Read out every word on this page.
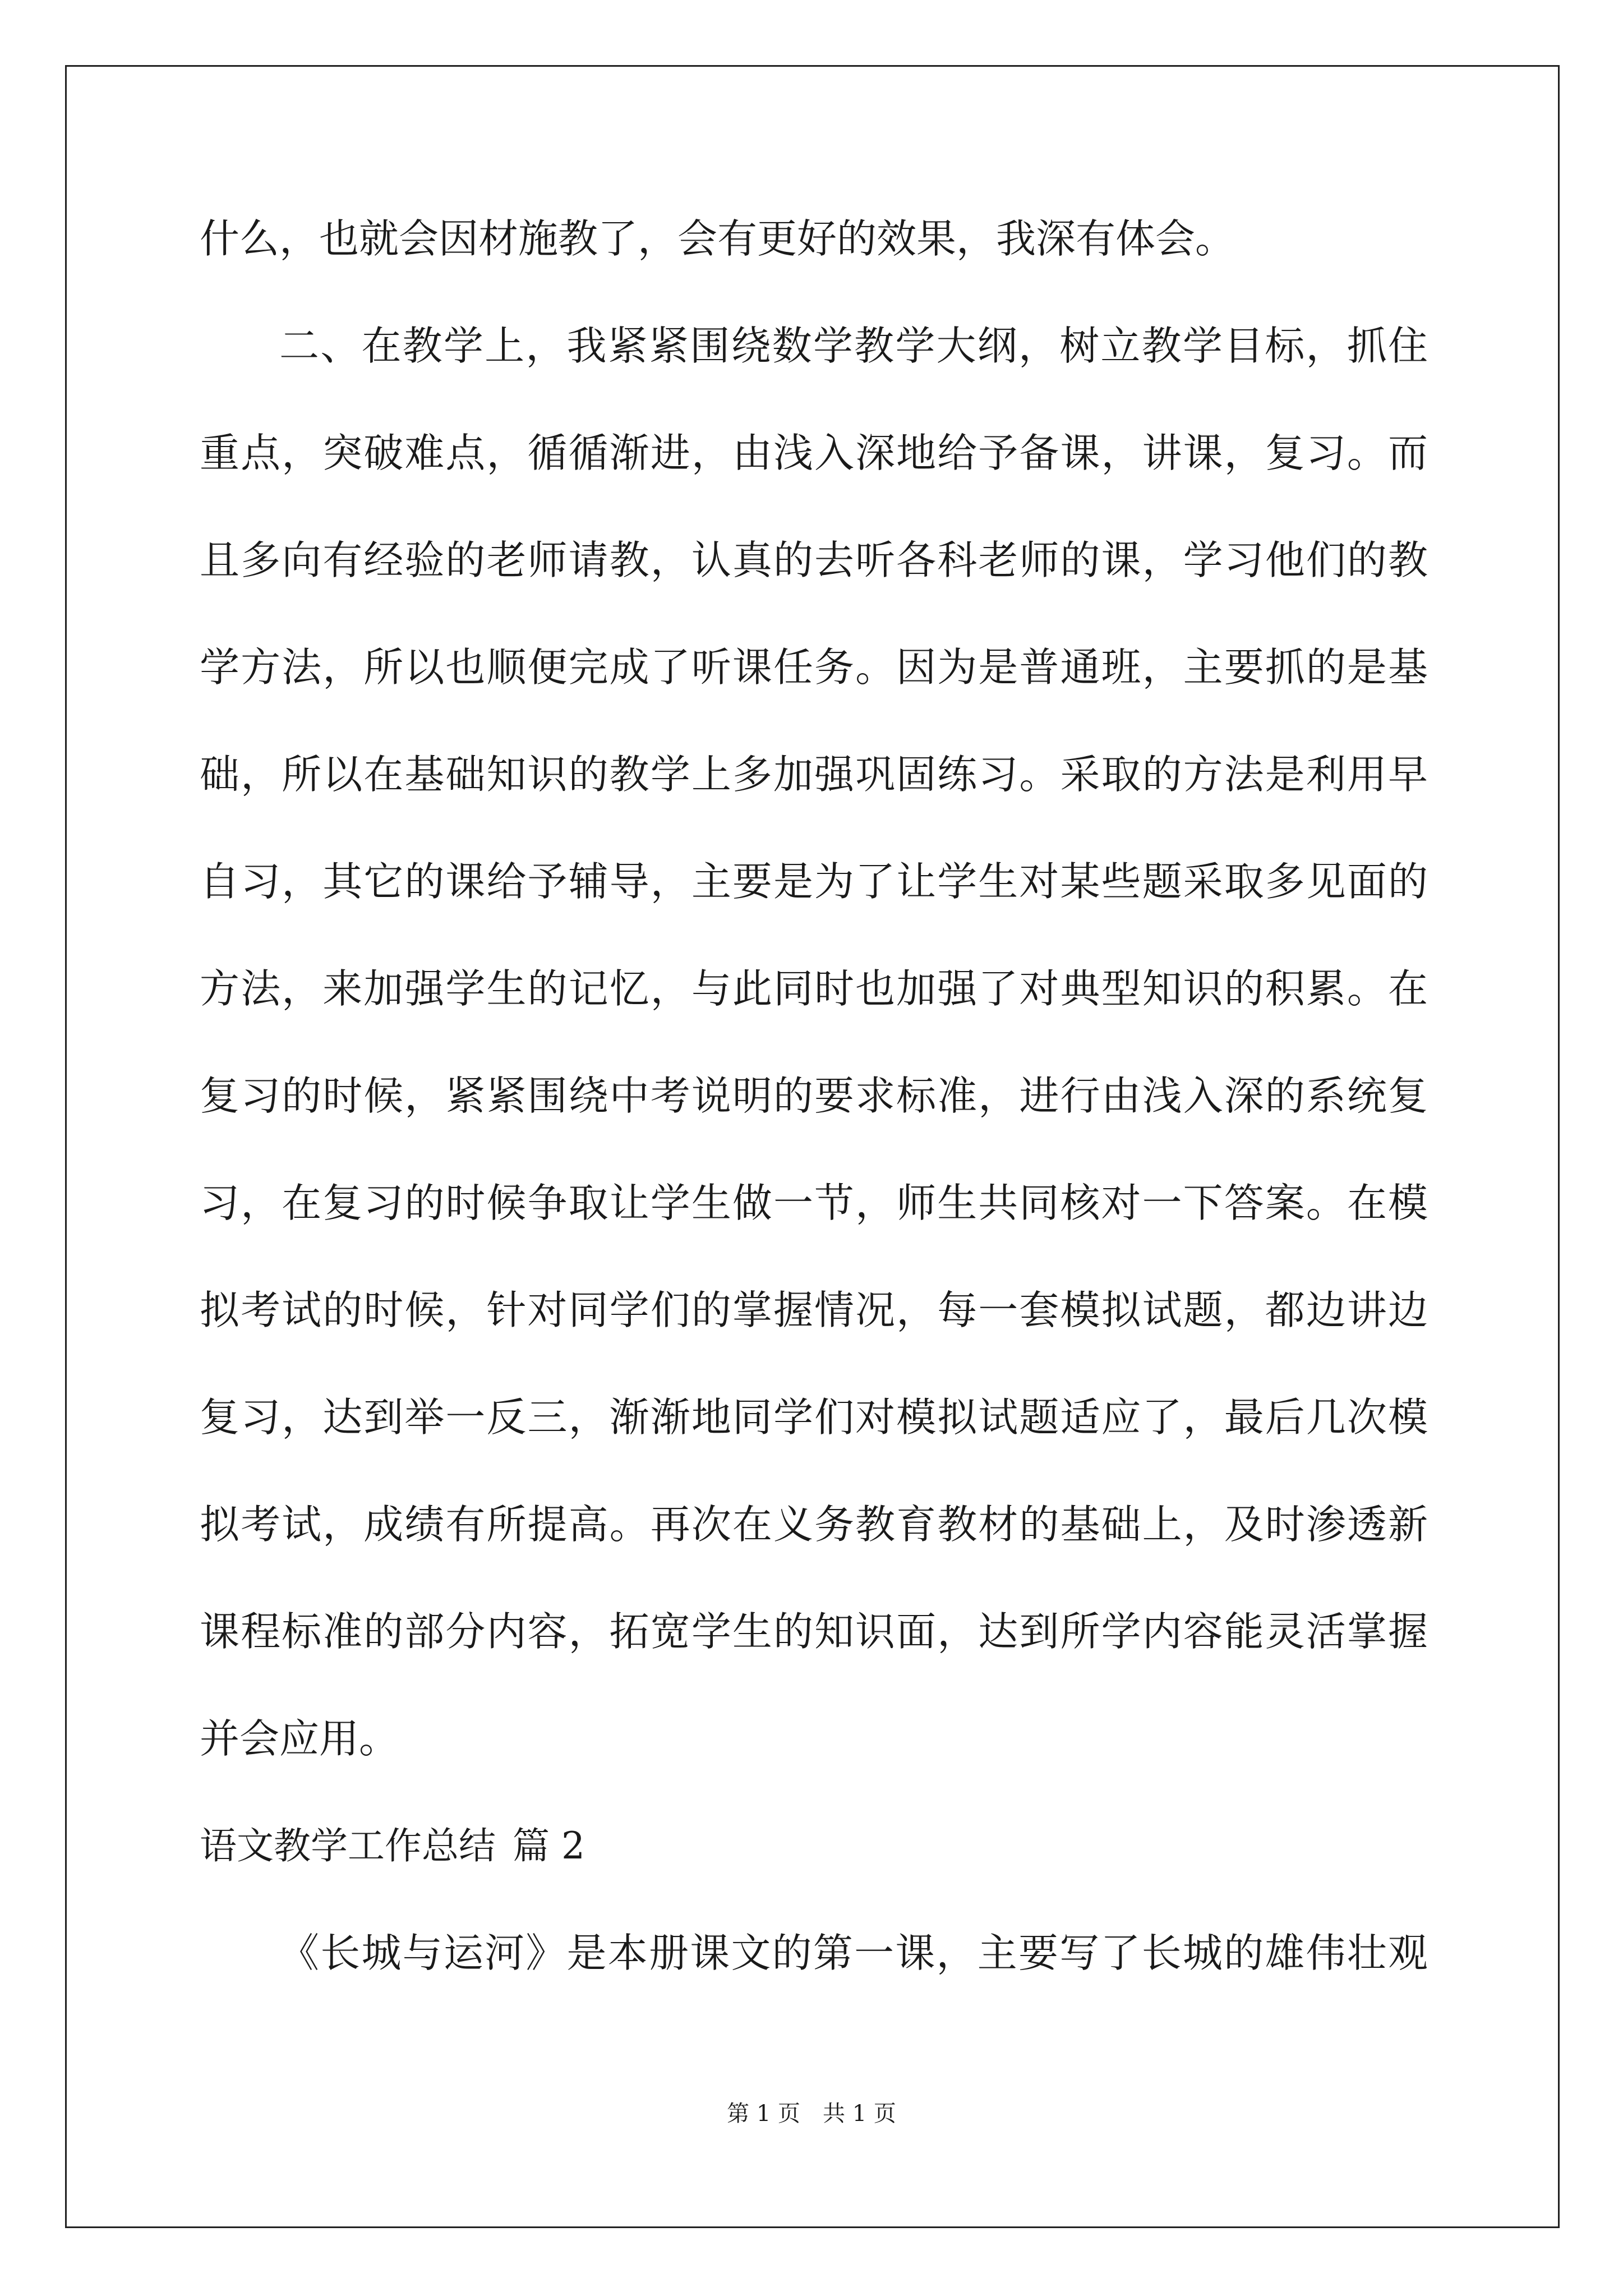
什么，也就会因材施教了，会有更好的效果，我深有体会。
二、在教学上，我紧紧围绕数学教学大纲，树立教学目标，抓住
重点，突破难点，循循渐进，由浅入深地给予备课，讲课，复习。而
且多向有经验的老师请教，认真的去听各科老师的课，学习他们的教
学方法，所以也顺便完成了听课任务。因为是普通班，主要抓的是基
础，所以在基础知识的教学上多加强巩固练习。采取的方法是利用早
自习，其它的课给予辅导，主要是为了让学生对某些题采取多见面的
方法，来加强学生的记忆，与此同时也加强了对典型知识的积累。在
复习的时候，紧紧围绕中考说明的要求标准，进行由浅入深的系统复
习，在复习的时候争取让学生做一节，师生共同核对一下答案。在模
拟考试的时候，针对同学们的掌握情况，每一套模拟试题，都边讲边
复习，达到举一反三，渐渐地同学们对模拟试题适应了，最后几次模
拟考试，成绩有所提高。再次在义务教育教材的基础上，及时渗透新
课程标准的部分内容，拓宽学生的知识面，达到所学内容能灵活掌握
并会应用。
语文教学工作总结 篇 2
《长城与运河》是本册课文的第一课，主要写了长城的雄伟壮观
第 1 页 共 1 页
